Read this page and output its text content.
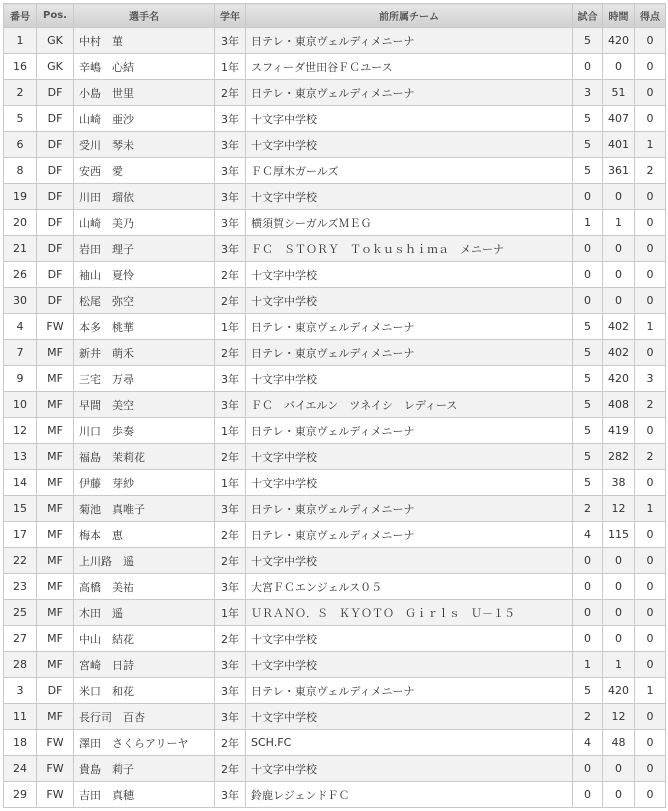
番号	Pos.	選手名	学年	前所属チーム	試合	時間	得点
1	GK	中村　菫	3年	日テレ・東京ヴェルディメニーナ	5	420	0
16	GK	辛嶋　心結	1年	スフィーダ世田谷ＦＣユース	0	0	0
2	DF	小島　世里	2年	日テレ・東京ヴェルディメニーナ	3	51	0
5	DF	山崎　亜沙	3年	十文字中学校	5	407	0
6	DF	受川　琴未	3年	十文字中学校	5	401	1
8	DF	安西　愛	3年	ＦＣ厚木ガールズ	5	361	2
19	DF	川田　瑠依	3年	十文字中学校	0	0	0
20	DF	山崎　美乃	3年	横須賀シーガルズＭＥＧ	1	1	0
21	DF	岩田　理子	3年	ＦＣ　ＳＴＯＲＹ　Ｔｏｋｕｓｈｉｍａ　メニーナ	0	0	0
26	DF	袖山　夏怜	2年	十文字中学校	0	0	0
30	DF	松尾　弥空	2年	十文字中学校	0	0	0
4	FW	本多　桃華	1年	日テレ・東京ヴェルディメニーナ	5	402	1
7	MF	新井　萌禾	2年	日テレ・東京ヴェルディメニーナ	5	402	0
9	MF	三宅　万尋	3年	十文字中学校	5	420	3
10	MF	早間　美空	3年	ＦＣ　バイエルン　ツネイシ　レディース	5	408	2
12	MF	川口　歩奏	1年	日テレ・東京ヴェルディメニーナ	5	419	0
13	MF	福島　茉莉花	2年	十文字中学校	5	282	2
14	MF	伊藤　芽紗	1年	十文字中学校	5	38	0
15	MF	菊池　真唯子	3年	日テレ・東京ヴェルディメニーナ	2	12	1
17	MF	梅本　恵	2年	日テレ・東京ヴェルディメニーナ	4	115	0
22	MF	上川路　遥	2年	十文字中学校	0	0	0
23	MF	高橋　美祐	3年	大宮ＦＣエンジェルス０５	0	0	0
25	MF	木田　遥	1年	ＵＲＡＮＯ．Ｓ　ＫＹＯＴＯ　Ｇｉｒｌｓ　Ｕ－１５	0	0	0
27	MF	中山　結花	2年	十文字中学校	0	0	0
28	MF	宮崎　日詩	3年	十文字中学校	1	1	0
3	DF	米口　和花	3年	日テレ・東京ヴェルディメニーナ	5	420	1
11	MF	長行司　百杏	3年	十文字中学校	2	12	0
18	FW	澤田　さくらアリーヤ	2年	SCH.FC	4	48	0
24	FW	貴島　莉子	2年	十文字中学校	0	0	0
29	FW	吉田　真穂	3年	鈴鹿レジェンドＦＣ	0	0	0
